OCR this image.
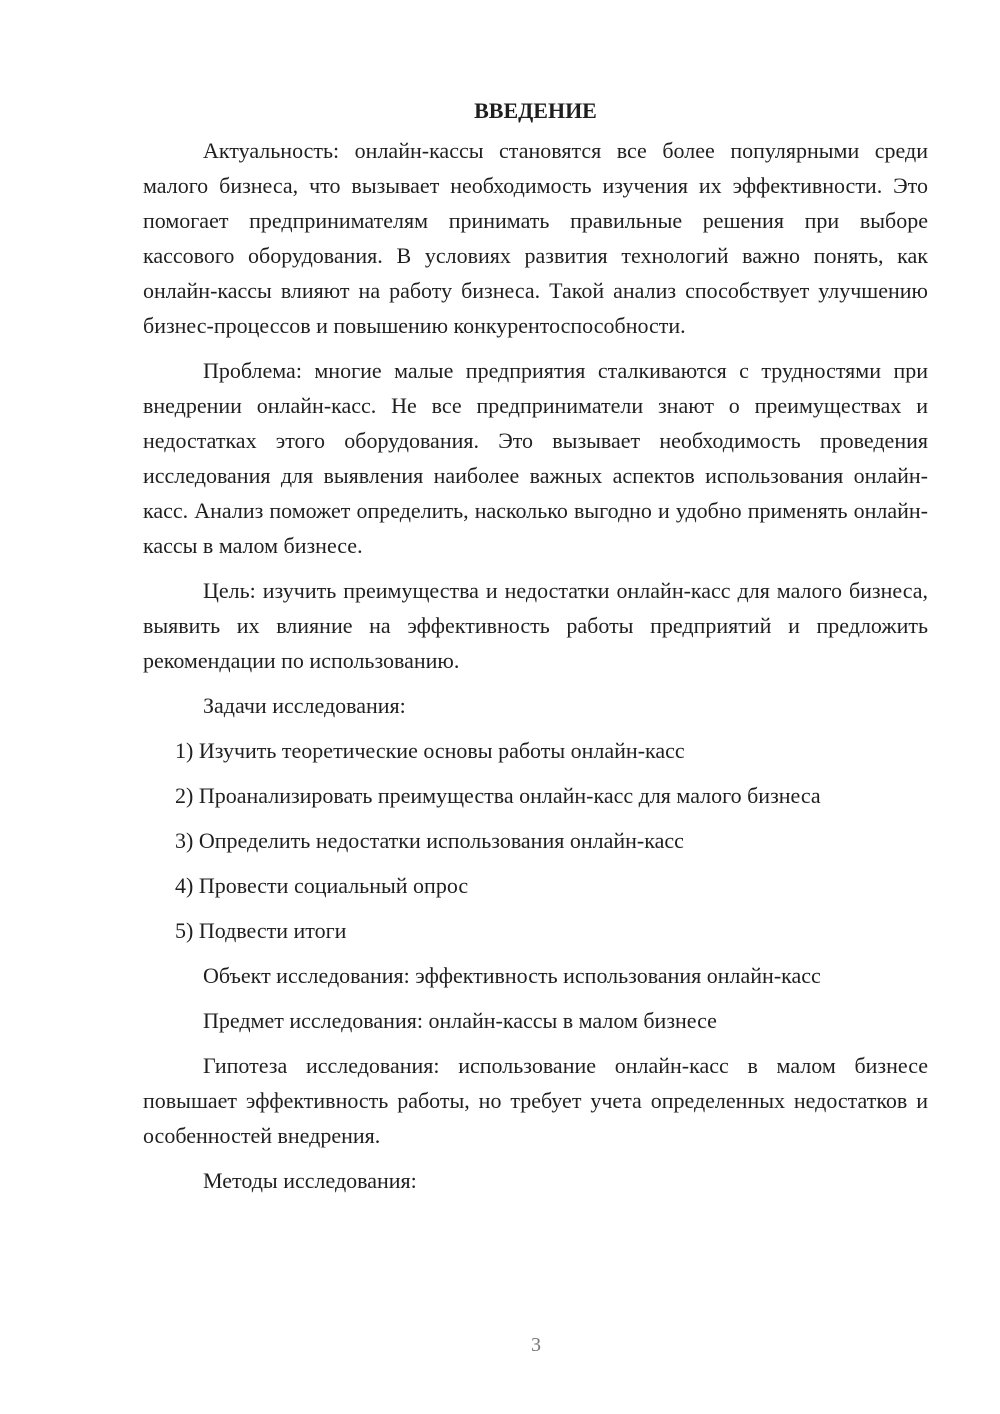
ВВЕДЕНИЕ

Актуальность: онлайн-кассы становятся все более популярными среди малого бизнеса, что вызывает необходимость изучения их эффективности. Это помогает предпринимателям принимать правильные решения при выборе кассового оборудования. В условиях развития технологий важно понять, как онлайн-кассы влияют на работу бизнеса. Такой анализ способствует улучшению бизнес-процессов и повышению конкурентоспособности.

Проблема: многие малые предприятия сталкиваются с трудностями при внедрении онлайн-касс. Не все предприниматели знают о преимуществах и недостатках этого оборудования. Это вызывает необходимость проведения исследования для выявления наиболее важных аспектов использования онлайн-касс. Анализ поможет определить, насколько выгодно и удобно применять онлайн-кассы в малом бизнесе.

Цель: изучить преимущества и недостатки онлайн-касс для малого бизнеса, выявить их влияние на эффективность работы предприятий и предложить рекомендации по использованию.

Задачи исследования:

1) Изучить теоретические основы работы онлайн-касс
2) Проанализировать преимущества онлайн-касс для малого бизнеса
3) Определить недостатки использования онлайн-касс
4) Провести социальный опрос
5) Подвести итоги

Объект исследования: эффективность использования онлайн-касс

Предмет исследования: онлайн-кассы в малом бизнесе

Гипотеза исследования: использование онлайн-касс в малом бизнесе повышает эффективность работы, но требует учета определенных недостатков и особенностей внедрения.

Методы исследования:

3
